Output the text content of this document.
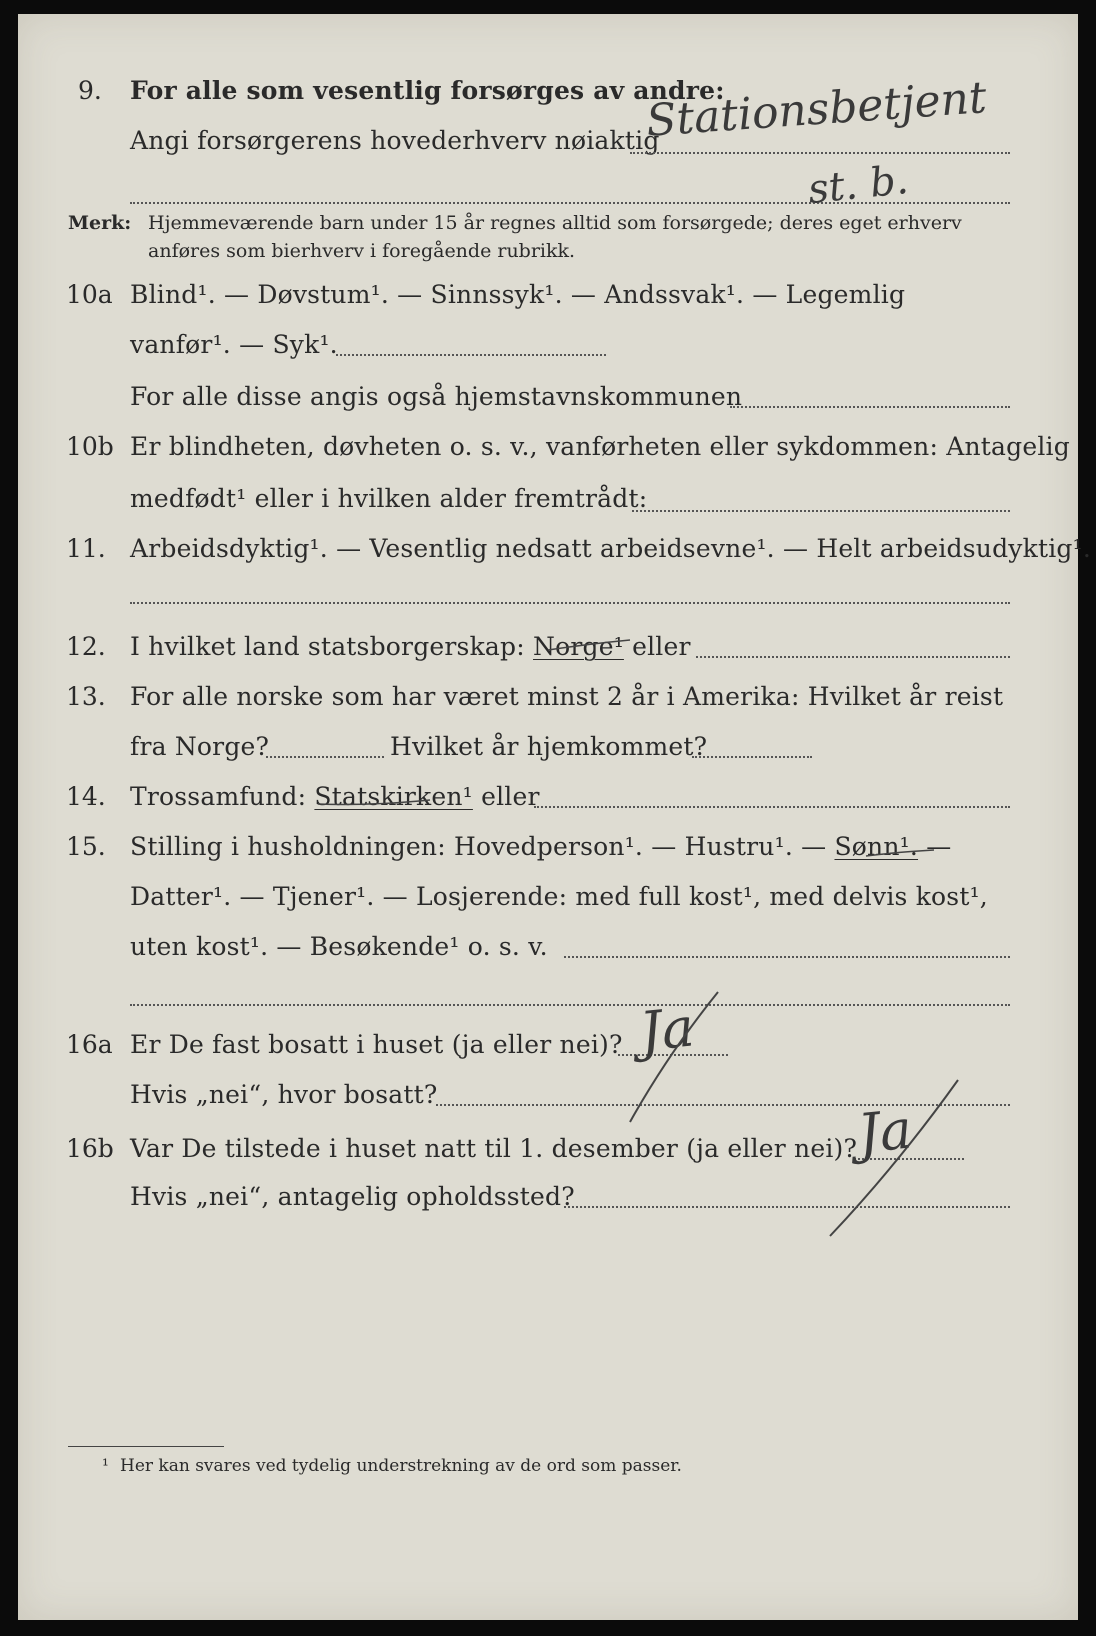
9. For alle som vesentlig forsørges av andre:
Angi forsørgerens hovederhverv nøiaktig
Stationsbetjent
st. b.
Merk: Hjemmeværende barn under 15 år regnes alltid som forsørgede; deres eget erhverv
anføres som bierhverv i foregående rubrikk.
10a Blind¹. — Døvstum¹. — Sinnssyk¹. — Andssvak¹. — Legemlig
vanfør¹. — Syk¹.
For alle disse angis også hjemstavnskommunen
10b Er blindheten, døvheten o. s. v., vanførheten eller sykdommen: Antagelig
medfødt¹ eller i hvilken alder fremtrådt:
11. Arbeidsdyktig¹. — Vesentlig nedsatt arbeidsevne¹. — Helt arbeidsudyktig¹.
12. I hvilket land statsborgerskap: Norge¹ eller
13. For alle norske som har været minst 2 år i Amerika: Hvilket år reist
fra Norge?	Hvilket år hjemkommet?
14. Trossamfund: Statskirken¹ eller
15. Stilling i husholdningen: Hovedperson¹. — Hustru¹. — Sønn¹. —
Datter¹. — Tjener¹. — Losjerende: med full kost¹, med delvis kost¹,
uten kost¹. — Besøkende¹ o. s. v.
16a Er De fast bosatt i huset (ja eller nei)? Ja
Hvis „nei“, hvor bosatt?
16b Var De tilstede i huset natt til 1. desember (ja eller nei)?
Ja
Hvis „nei“, antagelig opholdssted?
¹ Her kan svares ved tydelig understrekning av de ord som passer.
